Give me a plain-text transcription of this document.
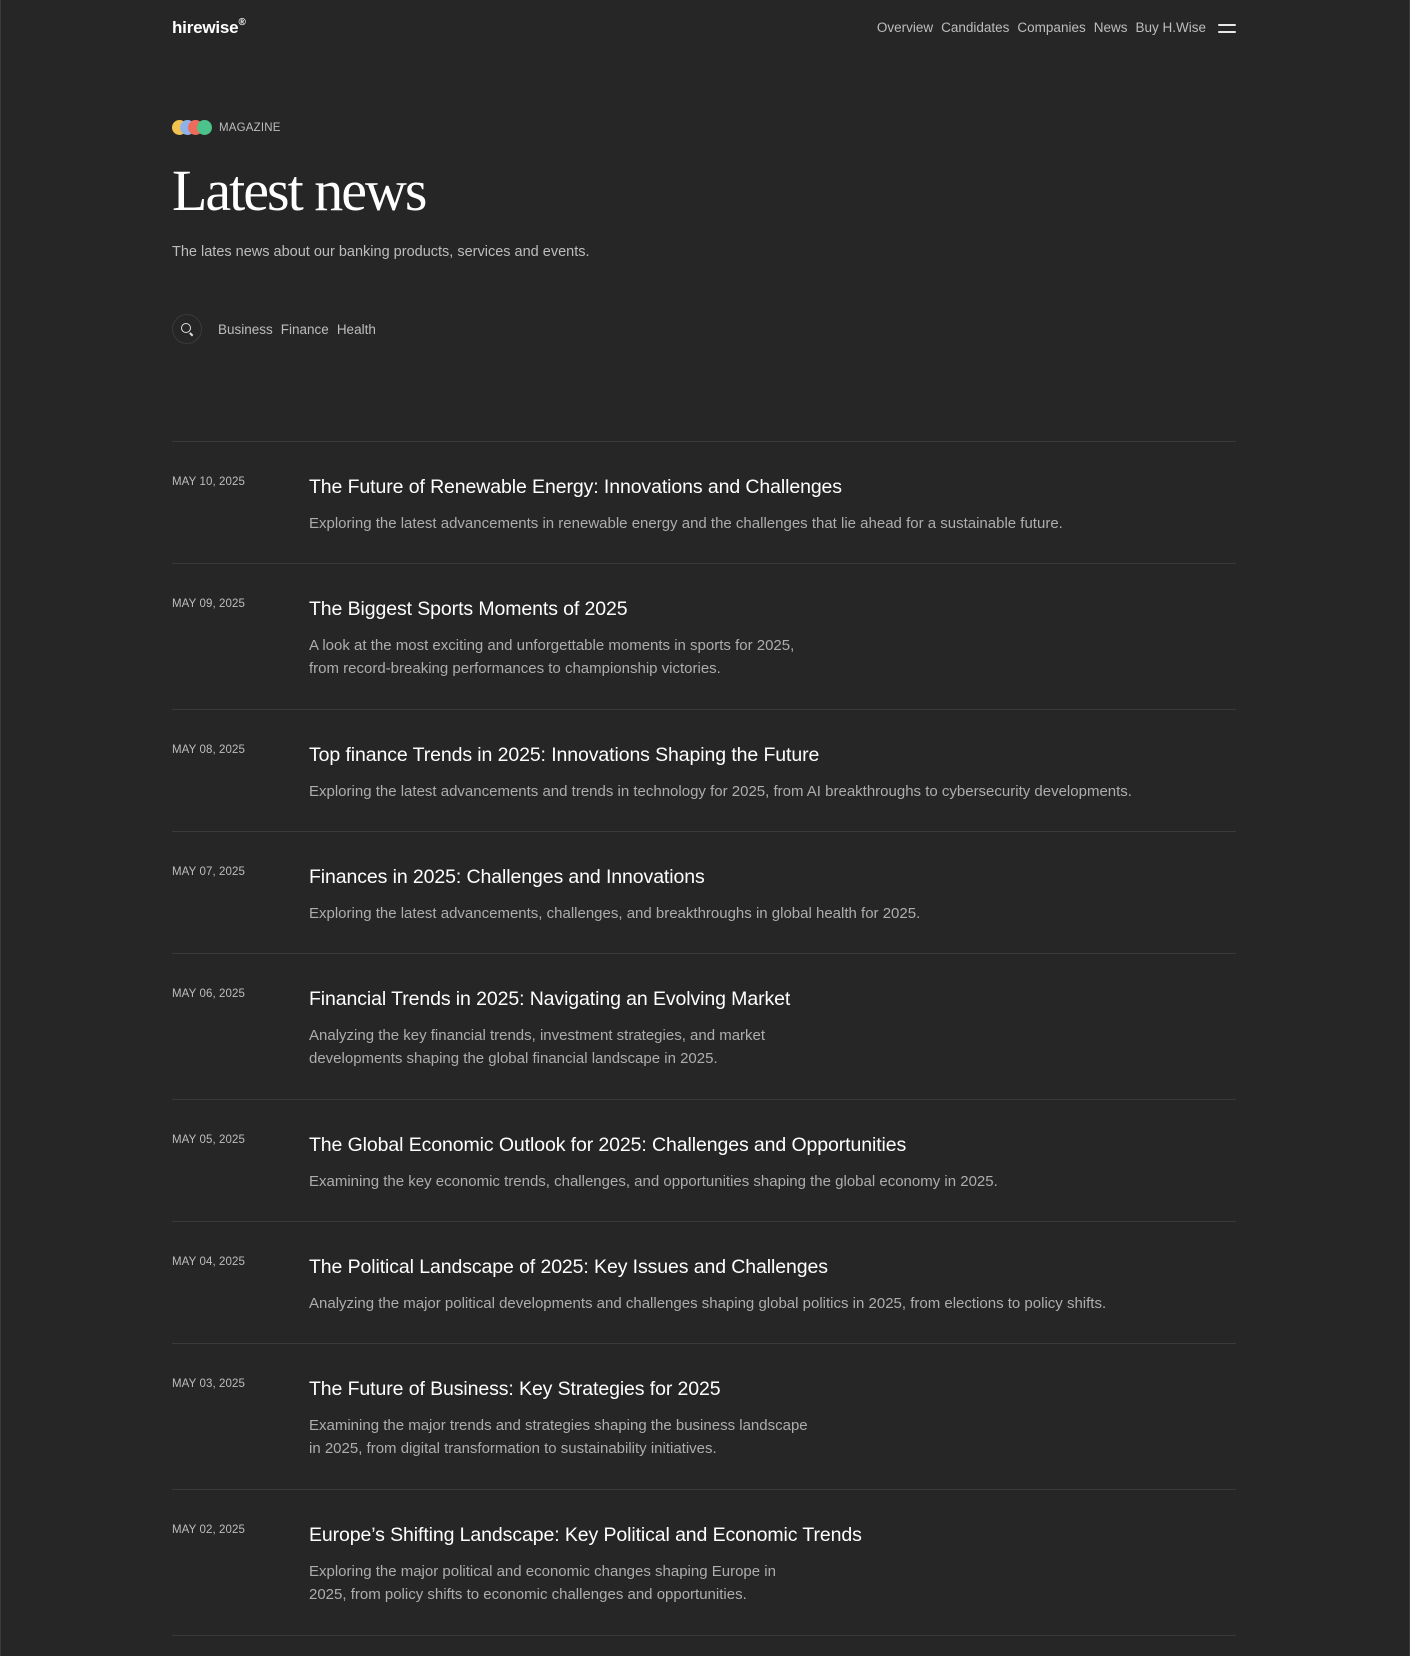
hirewise®	Overview Candidates Companies News Buy H.Wise
MAGAZINE
Latest news

The lates news about our banking products, services and events.

Business Finance Health
MAY 10, 2025	The Future of Renewable Energy: Innovations and Challenges

Exploring the latest advancements in renewable energy and the challenges that lie ahead for a sustainable future.

MAY 09, 2025	The Biggest Sports Moments of 2025

A look at the most exciting and unforgettable moments in sports for 2025, from record-breaking performances to championship victories.

MAY 08, 2025	Top finance Trends in 2025: Innovations Shaping the Future

Exploring the latest advancements and trends in technology for 2025, from AI breakthroughs to cybersecurity developments.

MAY 07, 2025	Finances in 2025: Challenges and Innovations

Exploring the latest advancements, challenges, and breakthroughs in global health for 2025.

MAY 06, 2025	Financial Trends in 2025: Navigating an Evolving Market

Analyzing the key financial trends, investment strategies, and market developments shaping the global financial landscape in 2025.

MAY 05, 2025	The Global Economic Outlook for 2025: Challenges and Opportunities

Examining the key economic trends, challenges, and opportunities shaping the global economy in 2025.

MAY 04, 2025	The Political Landscape of 2025: Key Issues and Challenges

Analyzing the major political developments and challenges shaping global politics in 2025, from elections to policy shifts.

MAY 03, 2025	The Future of Business: Key Strategies for 2025

Examining the major trends and strategies shaping the business landscape in 2025, from digital transformation to sustainability initiatives.

MAY 02, 2025	Europe’s Shifting Landscape: Key Political and Economic Trends

Exploring the major political and economic changes shaping Europe in 2025, from policy shifts to economic challenges and opportunities.
